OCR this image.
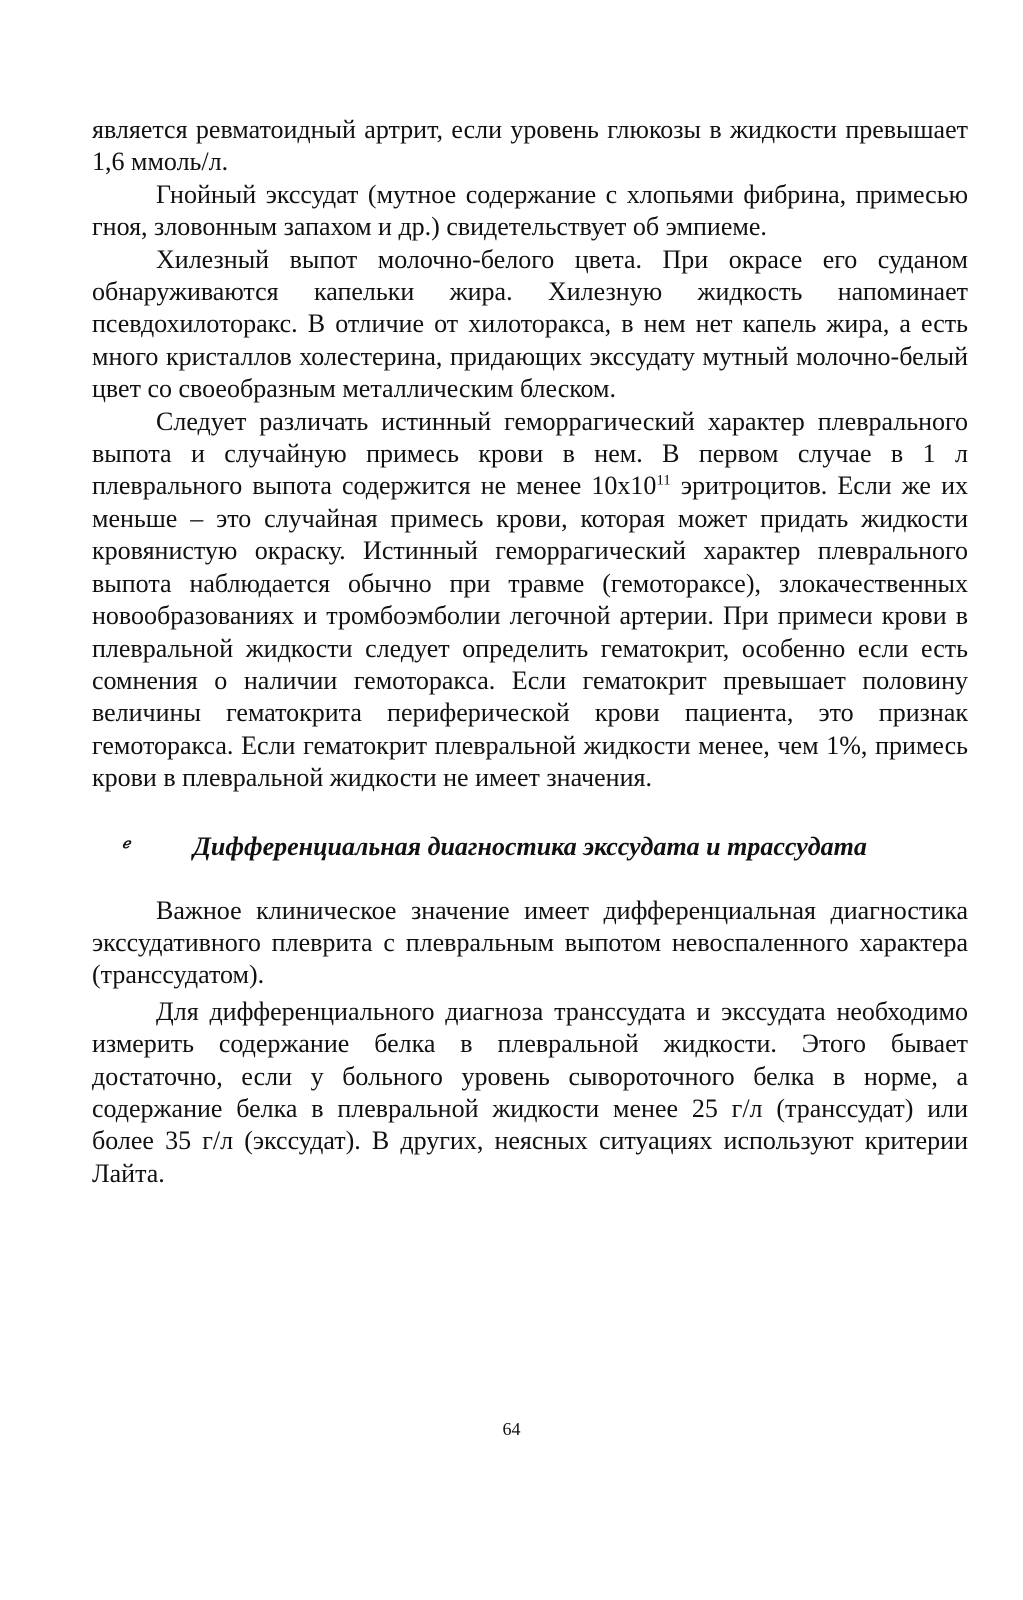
является ревматоидный артрит, если уровень глюкозы в жидкости превышает 1,6 ммоль/л.

Гнойный экссудат (мутное содержание с хлопьями фибрина, примесью гноя, зловонным запахом и др.) свидетельствует об эмпиеме.

Хилезный выпот молочно-белого цвета. При окрасе его суданом обнаруживаются капельки жира. Хилезную жидкость напоминает псевдохилоторакс. В отличие от хилоторакса, в нем нет капель жира, а есть много кристаллов холестерина, придающих экссудату мутный молочно-белый цвет со своеобразным металлическим блеском.

Следует различать истинный геморрагический характер плеврального выпота и случайную примесь крови в нем. В первом случае в 1 л плеврального выпота содержится не менее $10х10^{11}$ эритроцитов. Если же их меньше – это случайная примесь крови, которая может придать жидкости кровянистую окраску. Истинный геморрагический характер плеврального выпота наблюдается обычно при травме (гемотораксе), злокачественных новообразованиях и тромбоэмболии легочной артерии. При примеси крови в плевральной жидкости следует определить гематокрит, особенно если есть сомнения о наличии гемоторакса. Если гематокрит превышает половину величины гематокрита периферической крови пациента, это признак гемоторакса. Если гематокрит плевральной жидкости менее, чем 1%, примесь крови в плевральной жидкости не имеет значения.

ℯ Дифференциальная диагностика экссудата и трассудата

Важное клиническое значение имеет дифференциальная диагностика экссудативного плеврита с плевральным выпотом невоспаленного характера (транссудатом).

Для дифференциального диагноза транссудата и экссудата необходимо измерить содержание белка в плевральной жидкости. Этого бывает достаточно, если у больного уровень сывороточного белка в норме, а содержание белка в плевральной жидкости менее 25 г/л (транссудат) или более 35 г/л (экссудат). В других, неясных ситуациях используют критерии Лайта.

64
